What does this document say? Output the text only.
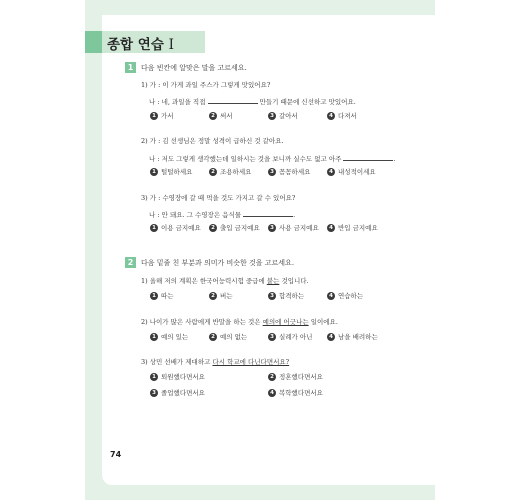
종합 연습 I
1	다음 빈칸에 알맞은 말을 고르세요.
1) 가 : 이 가게 과일 주스가 그렇게 맛있어요?
나 : 네, 과일을 직접	만들기 때문에 신선하고 맛있어요.
1 가서	2 써서	3 갈아서	4 다져서
2) 가 : 김 선생님은 정말 성격이 급하신 것 같아요.
나 : 저도 그렇게 생각했는데 일하시는 것을 보니까 실수도 없고 아주	.
1 털털하세요	2 조용하세요	3 꼼꼼하세요	4 내성적이세요
3) 가 : 수영장에 갈 때 먹을 것도 가지고 갈 수 있어요?
나 : 안 돼요. 그 수영장은 음식물	.
1 이용 금지예요	2 출입 금지예요	3 사용 금지예요	4 반입 금지예요
2	다음 밑줄 친 부분과 의미가 비슷한 것을 고르세요.
1) 올해 저의 계획은 한국어능력시험 중급에 붙는 것입니다.
1 따는	2 버는	3 합격하는	4 연습하는
2) 나이가 많은 사람에게 반말을 하는 것은 예의에 어긋나는 일이에요.
1 예의 있는	2 예의 없는	3 실례가 아닌	4 남을 배려하는
3) 상민 선배가 제대하고 다시 학교에 다닌다면서요?
1 퇴원했다면서요	2 정혼했다면서요
3 졸업했다면서요	4 복학했다면서요
74
